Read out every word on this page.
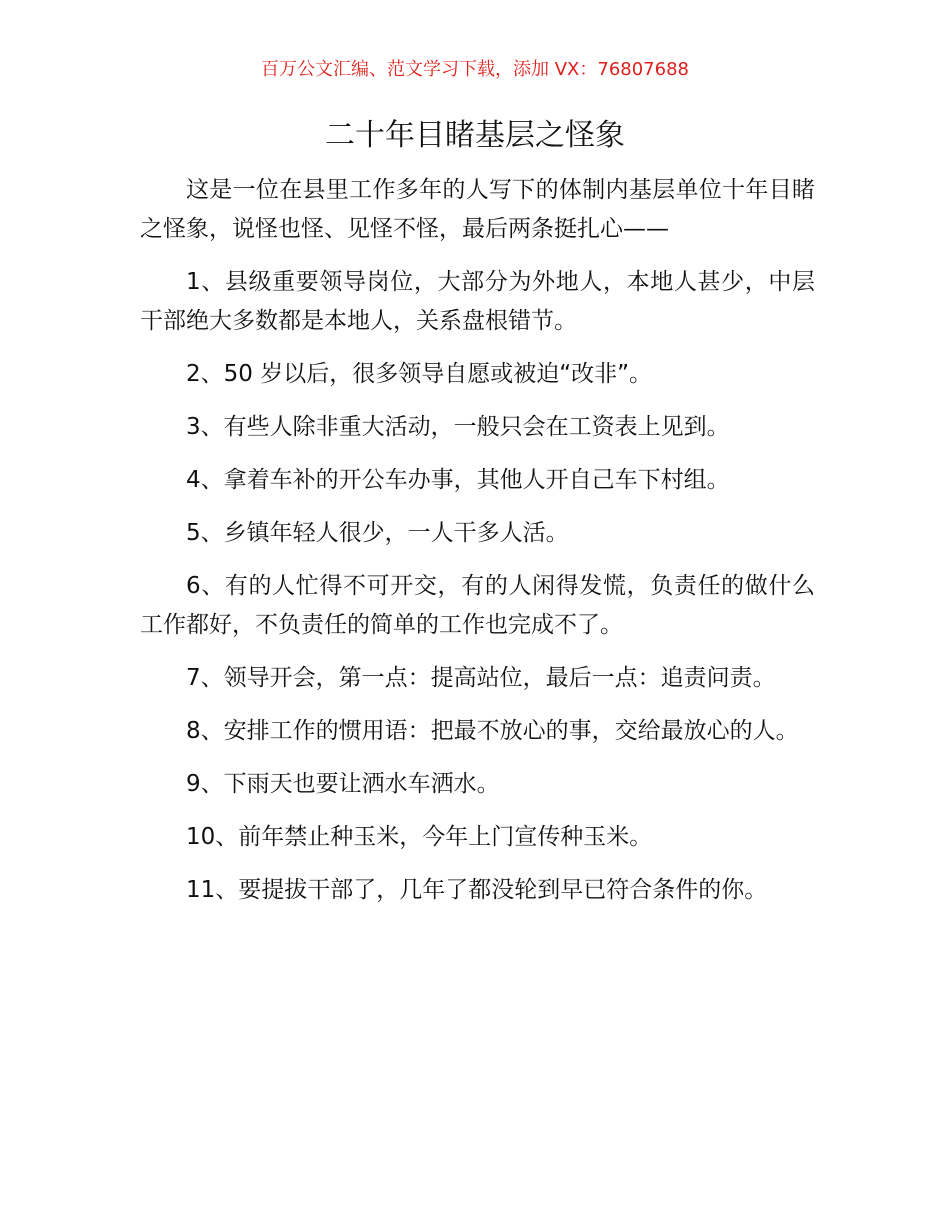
百万公文汇编、范文学习下载，添加 VX：76807688
二十年目睹基层之怪象

这是一位在县里工作多年的人写下的体制内基层单位十年目睹之怪象，说怪也怪、见怪不怪，最后两条挺扎心——

1、县级重要领导岗位，大部分为外地人，本地人甚少，中层干部绝大多数都是本地人，关系盘根错节。

2、50 岁以后，很多领导自愿或被迫“改非”。

3、有些人除非重大活动，一般只会在工资表上见到。

4、拿着车补的开公车办事，其他人开自己车下村组。

5、乡镇年轻人很少，一人干多人活。

6、有的人忙得不可开交，有的人闲得发慌，负责任的做什么工作都好，不负责任的简单的工作也完成不了。

7、领导开会，第一点：提高站位，最后一点：追责问责。

8、安排工作的惯用语：把最不放心的事，交给最放心的人。

9、下雨天也要让洒水车洒水。

10、前年禁止种玉米，今年上门宣传种玉米。

11、要提拔干部了，几年了都没轮到早已符合条件的你。
